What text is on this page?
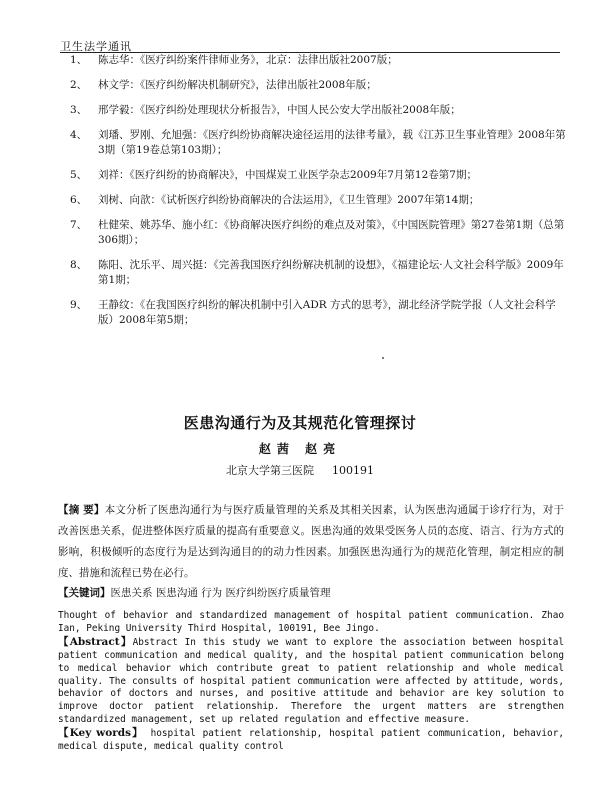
卫生法学通讯
1、 陈志华：《医疗纠纷案件律师业务》，北京：法律出版社2007版；
2、 林文学：《医疗纠纷解决机制研究》，法律出版社2008年版；
3、 邢学毅：《医疗纠纷处理现状分析报告》，中国人民公安大学出版社2008年版；
4、 刘璠、罗刚、允旭强：《医疗纠纷协商解决途径运用的法律考量》，载《江苏卫生事业管理》2008年第3期（第19卷总第103期）；
5、 刘祥：《医疗纠纷的协商解决》，中国煤炭工业医学杂志2009年7月第12卷第7期；
6、 刘树、向歆：《试析医疗纠纷协商解决的合法运用》，《卫生管理》2007年第14期；
7、 杜健荣、姚苏华、施小红：《协商解决医疗纠纷的难点及对策》，《中国医院管理》第27卷第1期（总第306期）；
8、 陈阳、沈乐平、周兴挺：《完善我国医疗纠纷解决机制的设想》，《福建论坛·人文社会科学版》2009年第1期；
9、 王静纹：《在我国医疗纠纷的解决机制中引入ADR 方式的思考》，湖北经济学院学报（人文社会科学版）2008年第5期；
医患沟通行为及其规范化管理探讨
赵茜 赵亮
北京大学第三医院 100191
【摘 要】本文分析了医患沟通行为与医疗质量管理的关系及其相关因素，认为医患沟通属于诊疗行为，对于改善医患关系，促进整体医疗质量的提高有重要意义。医患沟通的效果受医务人员的态度、语言、行为方式的影响，积极倾听的态度行为是达到沟通目的的动力性因素。加强医患沟通行为的规范化管理，制定相应的制度、措施和流程已势在必行。
【关键词】医患关系 医患沟通 行为 医疗纠纷医疗质量管理

Thought of behavior and standardized management of hospital patient communication. Zhao Ian, Peking University Third Hospital, 100191, Bee Jingo.

【Abstract】Abstract In this study we want to explore the association between hospital patient communication and medical quality, and the hospital patient communication belong to medical behavior which contribute great to patient relationship and whole medical quality. The consults of hospital patient communication were affected by attitude, words, behavior of doctors and nurses, and positive attitude and behavior are key solution to improve doctor patient relationship. Therefore the urgent matters are strengthen standardized management, set up related regulation and effective measure.

【Key words】 hospital patient relationship, hospital patient communication, behavior, medical dispute, medical quality control
